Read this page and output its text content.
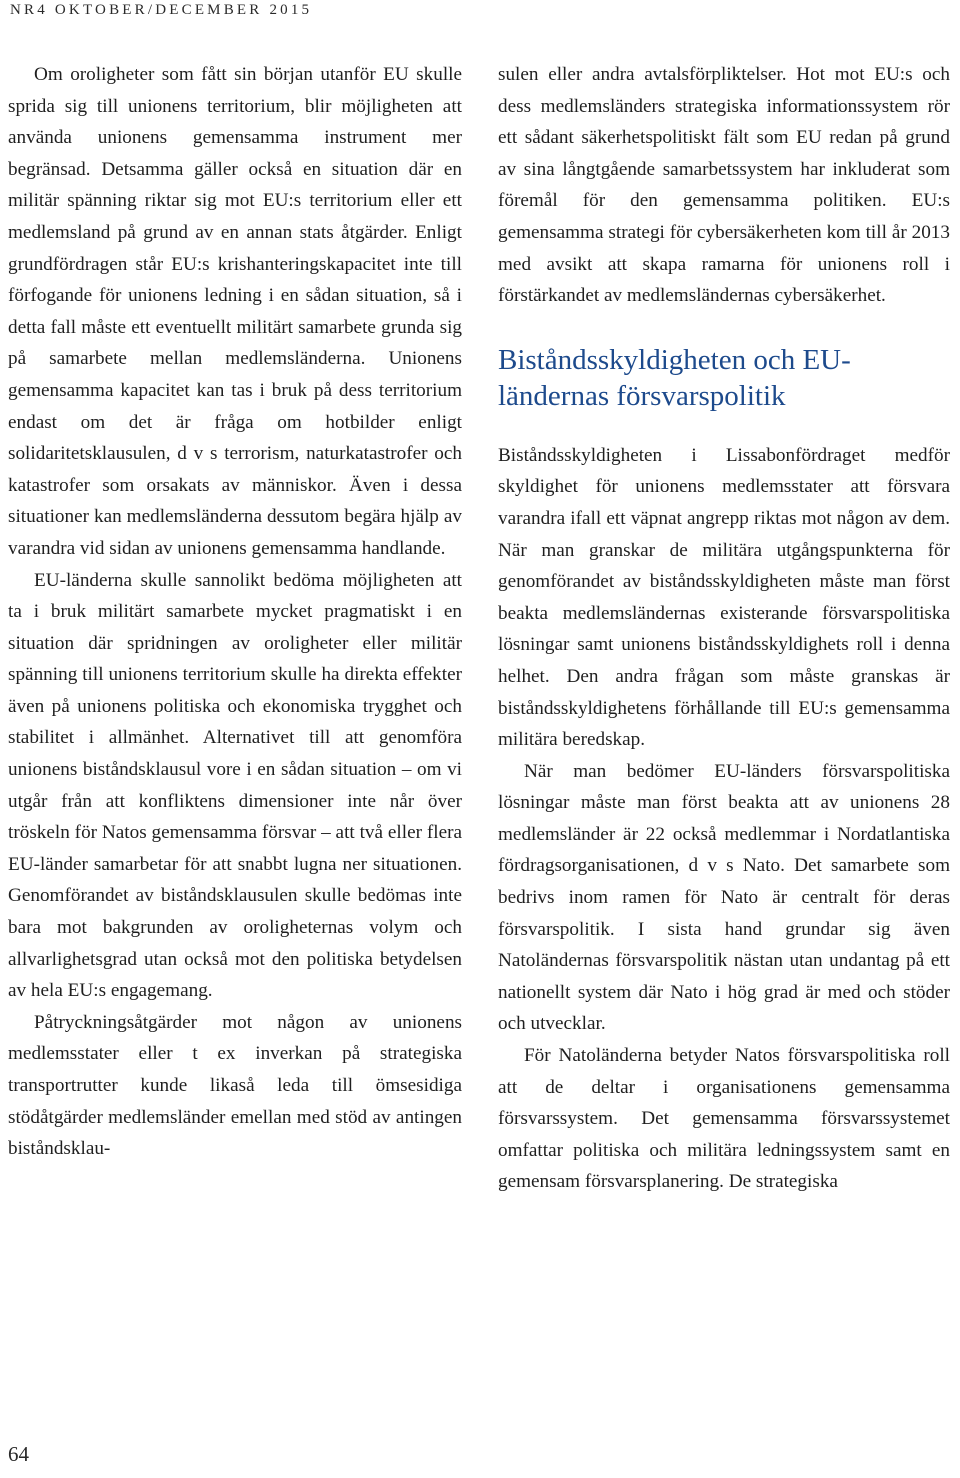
NR4 OKTOBER/DECEMBER 2015

Om oroligheter som fått sin början utanför EU skulle sprida sig till unionens territorium, blir möjligheten att använda unionens gemensamma instrument mer begränsad. Detsamma gäller också en situation där en militär spänning riktar sig mot EU:s territorium eller ett medlemsland på grund av en annan stats åtgärder. Enligt grundfördragen står EU:s krishanteringskapacitet inte till förfogande för unionens ledning i en sådan situation, så i detta fall måste ett eventuellt militärt samarbete grunda sig på samarbete mellan medlemsländerna. Unionens gemensamma kapacitet kan tas i bruk på dess territorium endast om det är fråga om hotbilder enligt solidaritetsklausulen, d v s terrorism, naturkatastrofer och katastrofer som orsakats av människor. Även i dessa situationer kan medlemsländerna dessutom begära hjälp av varandra vid sidan av unionens gemensamma handlande.

EU-länderna skulle sannolikt bedöma möjligheten att ta i bruk militärt samarbete mycket pragmatiskt i en situation där spridningen av oroligheter eller militär spänning till unionens territorium skulle ha direkta effekter även på unionens politiska och ekonomiska trygghet och stabilitet i allmänhet. Alternativet till att genomföra unionens biståndsklausul vore i en sådan situation – om vi utgår från att konfliktens dimensioner inte når över tröskeln för Natos gemensamma försvar – att två eller flera EU-länder samarbetar för att snabbt lugna ner situationen. Genomförandet av biståndsklausulen skulle bedömas inte bara mot bakgrunden av oroligheternas volym och allvarlighetsgrad utan också mot den politiska betydelsen av hela EU:s engagemang.

Påtryckningsåtgärder mot någon av unionens medlemsstater eller t ex inverkan på strategiska transportrutter kunde likaså leda till ömsesidiga stödåtgärder medlemsländer emellan med stöd av antingen biståndsklau-

sulen eller andra avtalsförpliktelser. Hot mot EU:s och dess medlemsländers strategiska informationssystem rör ett sådant säkerhetspolitiskt fält som EU redan på grund av sina långtgående samarbetssystem har inkluderat som föremål för den gemensamma politiken. EU:s gemensamma strategi för cybersäkerheten kom till år 2013 med avsikt att skapa ramarna för unionens roll i förstärkandet av medlemsländernas cybersäkerhet.

Biståndsskyldigheten och EU-ländernas försvarspolitik

Biståndsskyldigheten i Lissabonfördraget medför skyldighet för unionens medlemsstater att försvara varandra ifall ett väpnat angrepp riktas mot någon av dem. När man granskar de militära utgångspunkterna för genomförandet av biståndsskyldigheten måste man först beakta medlemsländernas existerande försvarspolitiska lösningar samt unionens biståndsskyldighets roll i denna helhet. Den andra frågan som måste granskas är biståndsskyldighetens förhållande till EU:s gemensamma militära beredskap.

När man bedömer EU-länders försvarspolitiska lösningar måste man först beakta att av unionens 28 medlemsländer är 22 också medlemmar i Nordatlantiska fördragsorganisationen, d v s Nato. Det samarbete som bedrivs inom ramen för Nato är centralt för deras försvarspolitik. I sista hand grundar sig även Natoländernas försvarspolitik nästan utan undantag på ett nationellt system där Nato i hög grad är med och stöder och utvecklar.

För Natoländerna betyder Natos försvarspolitiska roll att de deltar i organisationens gemensamma försvarssystem. Det gemensamma försvarssystemet omfattar politiska och militära ledningssystem samt en gemensam försvarsplanering. De strategiska

64
